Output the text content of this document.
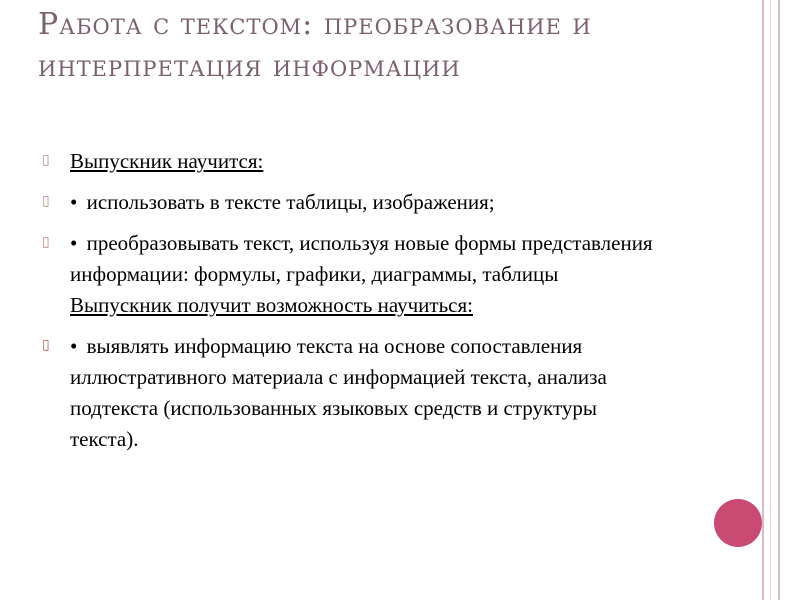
Работа с текстом: преобразование и
интерпретация информации
▯ Выпускник научится:
▯ • использовать в тексте таблицы, изображения;
▯ • преобразовывать текст, используя новые формы представления информации: формулы, графики, диаграммы, таблицы
Выпускник получит возможность научиться:
▯ • выявлять информацию текста на основе сопоставления иллюстративного материала с информацией текста, анализа подтекста (использованных языковых средств и структуры текста).
